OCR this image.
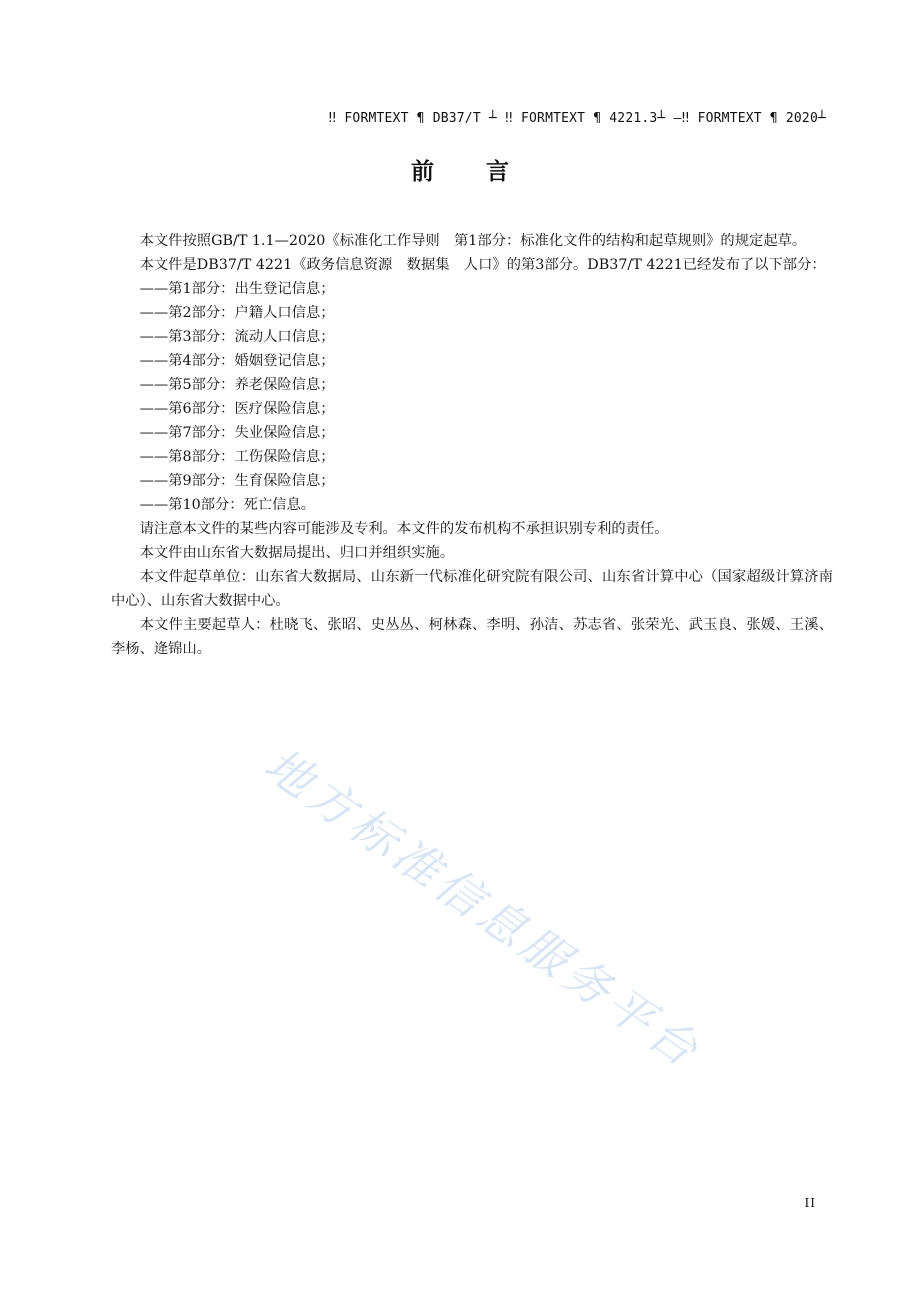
‼ FORMTEXT ¶ DB37/T ┴ ‼ FORMTEXT ¶ 4221.3┴ —‼ FORMTEXT ¶ 2020┴
前言

本文件按照GB/T 1.1—2020《标准化工作导则　第1部分：标准化文件的结构和起草规则》的规定起草。

本文件是DB37/T 4221《政务信息资源　数据集　人口》的第3部分。DB37/T 4221已经发布了以下部分：

——第1部分：出生登记信息；
——第2部分：户籍人口信息；
——第3部分：流动人口信息；
——第4部分：婚姻登记信息；
——第5部分：养老保险信息；
——第6部分：医疗保险信息；
——第7部分：失业保险信息；
——第8部分：工伤保险信息；
——第9部分：生育保险信息；
——第10部分：死亡信息。

请注意本文件的某些内容可能涉及专利。本文件的发布机构不承担识别专利的责任。

本文件由山东省大数据局提出、归口并组织实施。

本文件起草单位：山东省大数据局、山东新一代标准化研究院有限公司、山东省计算中心（国家超级计算济南中心）、山东省大数据中心。

本文件主要起草人：杜晓飞、张昭、史丛丛、柯林森、李明、孙洁、苏志省、张荣光、武玉良、张媛、王溪、李杨、逄锦山。

地方标准信息服务平台
II
